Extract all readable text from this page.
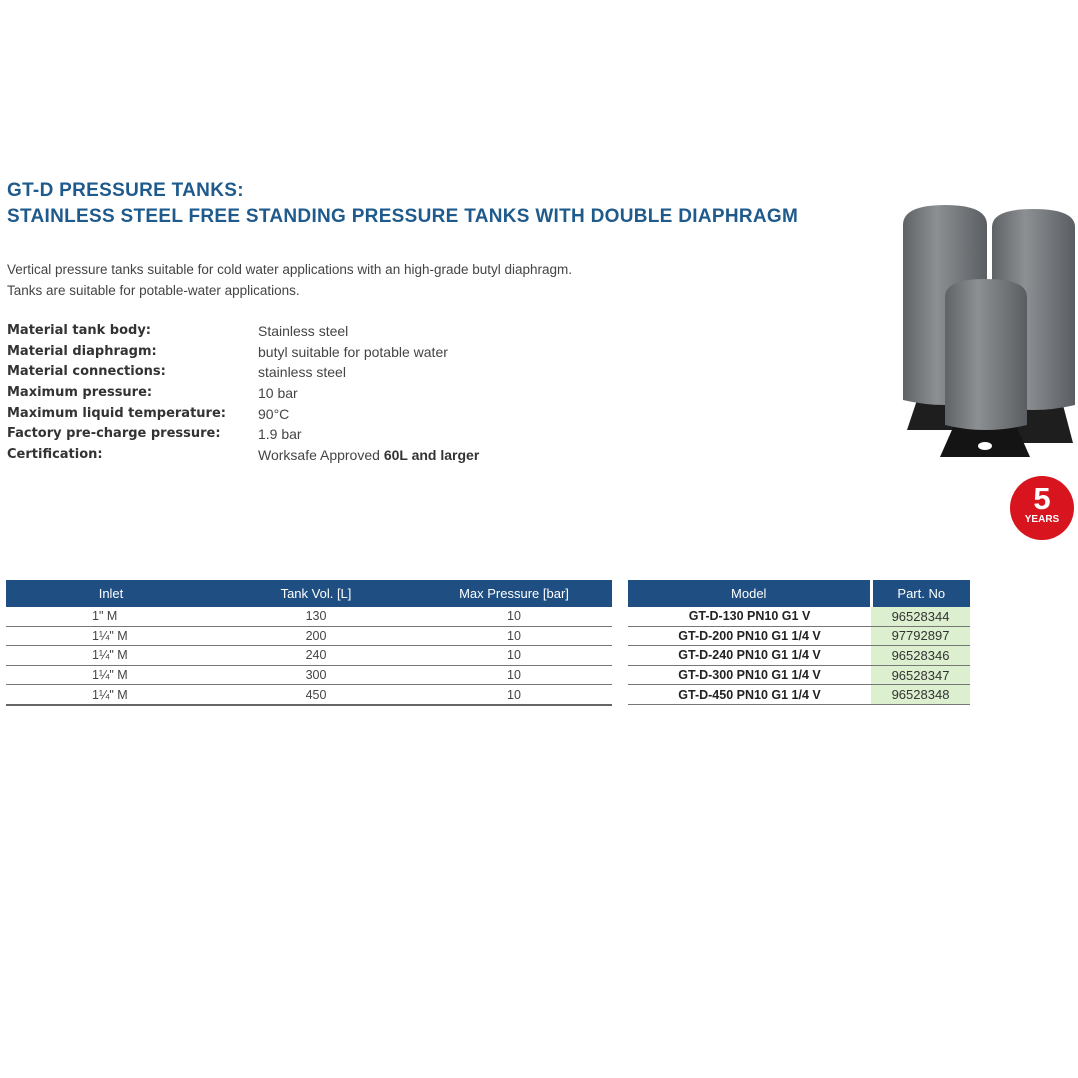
GT-D PRESSURE TANKS:
STAINLESS STEEL FREE STANDING PRESSURE TANKS WITH DOUBLE DIAPHRAGM
Vertical pressure tanks suitable for cold water applications with an high-grade butyl diaphragm.
Tanks are suitable for potable-water applications.
Material tank body:	Stainless steel
Material diaphragm:	butyl suitable for potable water
Material connections:	stainless steel
Maximum pressure:	10 bar
Maximum liquid temperature: 90°C
Factory pre-charge pressure:	1.9 bar
Certification:	Worksafe Approved 60L and larger
5
YEARS
Inlet	Tank Vol. [L]	Max Pressure [bar]
1" M	130	10
1¼" M	200	10
1¼" M	240	10
1¼" M	300	10
1¼" M	450	10
Model	Part. No
GT-D-130 PN10 G1 V	96528344
GT-D-200 PN10 G1 1/4 V	97792897
GT-D-240 PN10 G1 1/4 V	96528346
GT-D-300 PN10 G1 1/4 V	96528347
GT-D-450 PN10 G1 1/4 V	96528348
